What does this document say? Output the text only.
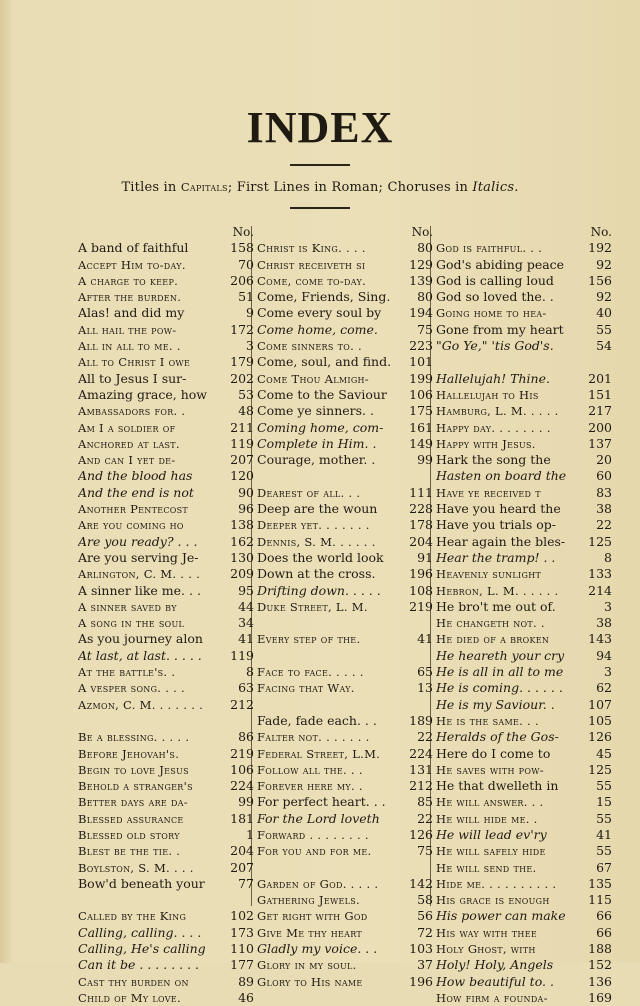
INDEX
Titles in Capitals; First Lines in Roman; Choruses in Italics.
No.
A band of faithful	158
Accept Him to-day.	70
A charge to keep.	206
After the burden.	51
Alas! and did my	9
All hail the pow-	172
All in all to me. .	3
All to Christ I owe	179
All to Jesus I sur-	202
Amazing grace, how	53
Ambassadors for. .	48
Am I a soldier of	211
Anchored at last.	119
And can I yet de-	207
And the blood has	120
And the end is not	90
Another Pentecost	96
Are you coming ho	138
Are you ready? . . .	162
Are you serving Je-	130
Arlington, C. M. . . .	209
A sinner like me. . .	95
A sinner saved by	44
A song in the soul	34
As you journey alon	41
At last, at last. . . . .	119
At the battle's. .	8
A vesper song. . . .	63
Azmon, C. M. . . . . . .	212
Be a blessing. . . . .	86
Before Jehovah's.	219
Begin to love Jesus	106
Behold a stranger's	224
Better days are da-	99
Blessed assurance	181
Blessed old story	1
Blest be the tie. .	204
Boylston, S. M. . . .	207
Bow'd beneath your	77
Called by the King	102
Calling, calling. . . .	173
Calling, He's calling	110
Can it be . . . . . . . .	177
Cast thy burden on	89
Child of My love.	46
No.
Christ is King. . . .	80
Christ receiveth si	129
Come, come to-day.	139
Come, Friends, Sing.	80
Come every soul by	194
Come home, come.	75
Come sinners to. .	223
Come, soul, and find.	101
Come Thou Almigh-	199
Come to the Saviour	106
Come ye sinners. .	175
Coming home, com-	161
Complete in Him. .	149
Courage, mother. .	99
Dearest of all. . .	111
Deep are the woun	228
Deeper yet. . . . . . .	178
Dennis, S. M. . . . . .	204
Does the world look	91
Down at the cross.	196
Drifting down. . . . .	108
Duke Street, L. M.	219
Every step of the.	41
Face to face. . . . .	65
Facing that Way.	13
Fade, fade each. . .	189
Falter not. . . . . . .	22
Federal Street, L.M.	224
Follow all the. . .	131
Forever here my. .	212
For perfect heart. . .	85
For the Lord loveth	22
Forward . . . . . . . .	126
For you and for me.	75
Garden of God. . . . .	142
Gathering Jewels.	58
Get right with God	56
Give Me thy heart	72
Gladly my voice. . .	103
Glory in my soul.	37
Glory to His name	196
No.
God is faithful. . .	192
God's abiding peace	92
God is calling loud	156
God so loved the. .	92
Going home to hea-	40
Gone from my heart	55
"Go Ye," 'tis God's.	54
Hallelujah! Thine.	201
Hallelujah to His	151
Hamburg, L. M. . . . .	217
Happy day. . . . . . . .	200
Happy with Jesus.	137
Hark the song the	20
Hasten on board the	60
Have ye received t	83
Have you heard the	38
Have you trials op-	22
Hear again the bles-	125
Hear the tramp! . .	8
Heavenly sunlight	133
Hebron, L. M. . . . . .	214
He bro't me out of.	3
He changeth not. .	38
He died of a broken	143
He heareth your cry	94
He is all in all to me	3
He is coming. . . . . .	62
He is my Saviour. .	107
He is the same. . .	105
Heralds of the Gos-	126
Here do I come to	45
He saves with pow-	125
He that dwelleth in	55
He will answer. . .	15
He will hide me. .	55
He will lead ev'ry	41
He will safely hide	55
He will send the.	67
Hide me. . . . . . . . . .	135
His grace is enough	115
His power can make	66
His way with thee	66
Holy Ghost, with	188
Holy! Holy, Angels	152
How beautiful to. .	136
How firm a founda-	169
